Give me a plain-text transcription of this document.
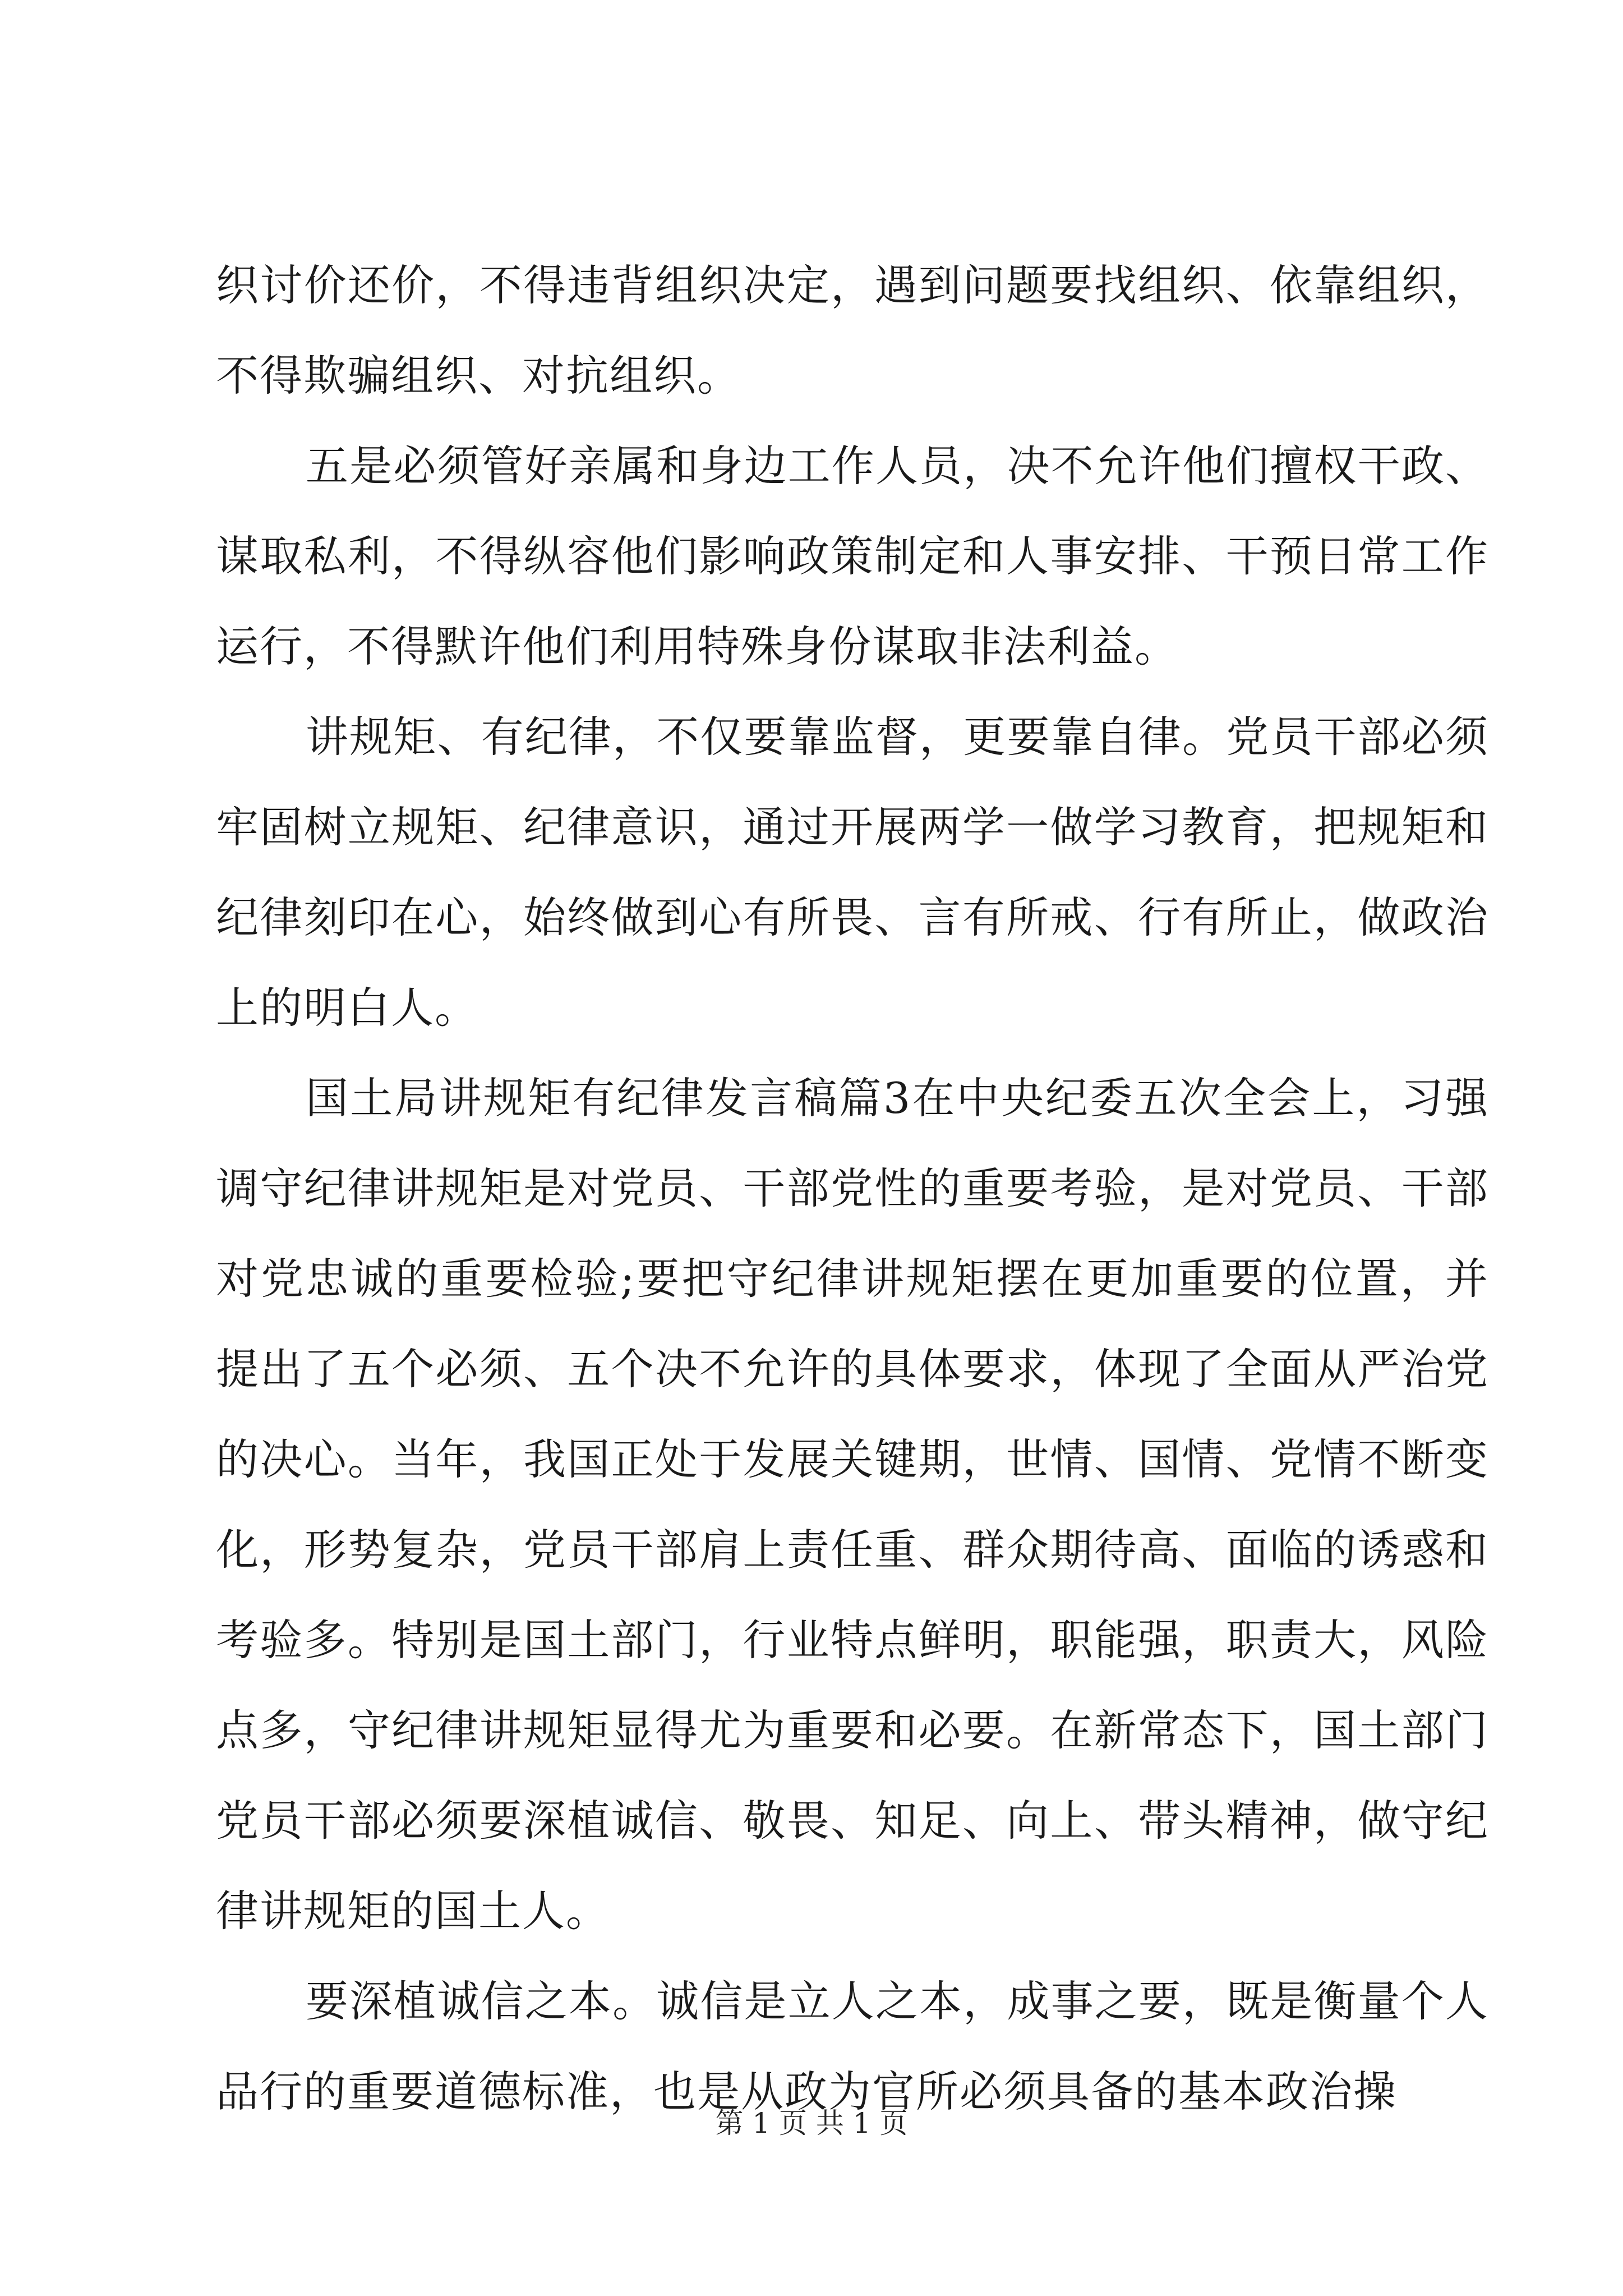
织讨价还价，不得违背组织决定，遇到问题要找组织、依靠组织，不得欺骗组织、对抗组织。

五是必须管好亲属和身边工作人员，决不允许他们擅权干政、谋取私利，不得纵容他们影响政策制定和人事安排、干预日常工作运行，不得默许他们利用特殊身份谋取非法利益。

讲规矩、有纪律，不仅要靠监督，更要靠自律。党员干部必须牢固树立规矩、纪律意识，通过开展两学一做学习教育，把规矩和纪律刻印在心，始终做到心有所畏、言有所戒、行有所止，做政治上的明白人。

国土局讲规矩有纪律发言稿篇3在中央纪委五次全会上，习强调守纪律讲规矩是对党员、干部党性的重要考验，是对党员、干部对党忠诚的重要检验;要把守纪律讲规矩摆在更加重要的位置，并提出了五个必须、五个决不允许的具体要求，体现了全面从严治党的决心。当年，我国正处于发展关键期，世情、国情、党情不断变化，形势复杂，党员干部肩上责任重、群众期待高、面临的诱惑和考验多。特别是国土部门，行业特点鲜明，职能强，职责大，风险点多，守纪律讲规矩显得尤为重要和必要。在新常态下，国土部门党员干部必须要深植诚信、敬畏、知足、向上、带头精神，做守纪律讲规矩的国土人。

要深植诚信之本。诚信是立人之本，成事之要，既是衡量个人品行的重要道德标准，也是从政为官所必须具备的基本政治操

第 1 页 共 1 页
